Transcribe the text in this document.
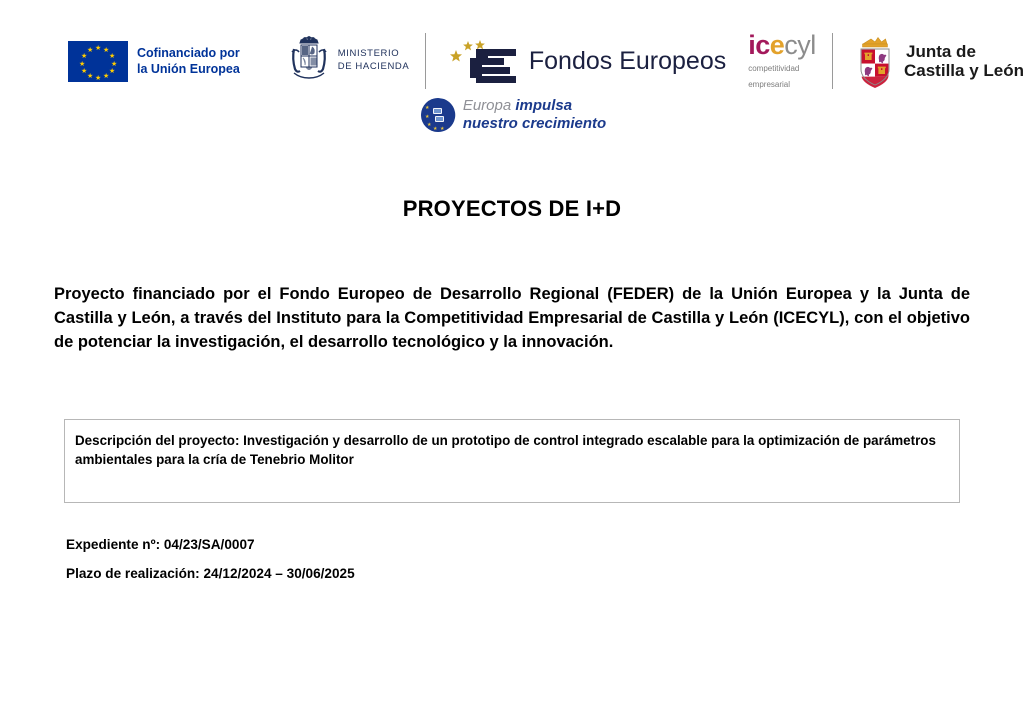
★ ★
★
★
★
★
★
★
★
★
★
★	Cofinanciado por
la Unión Europea
MINISTERIO
DE HACIENDA	Fondos Europeos
icecyl competitividad
empresarial
Junta de
Castilla y León
★
★
★
★ ★
Europa impulsa
nuestro crecimiento
PROYECTOS DE I+D
Proyecto financiado por el Fondo Europeo de Desarrollo Regional (FEDER) de la Unión Europea y la Junta de Castilla y León, a través del Instituto para la Competitividad Empresarial de Castilla y León (ICECYL), con el objetivo de potenciar la investigación, el desarrollo tecnológico y la innovación.
Descripción del proyecto: Investigación y desarrollo de un prototipo de control integrado escalable para la optimización de parámetros ambientales para la cría de Tenebrio Molitor
Expediente nº: 04/23/SA/0007
Plazo de realización: 24/12/2024 – 30/06/2025
